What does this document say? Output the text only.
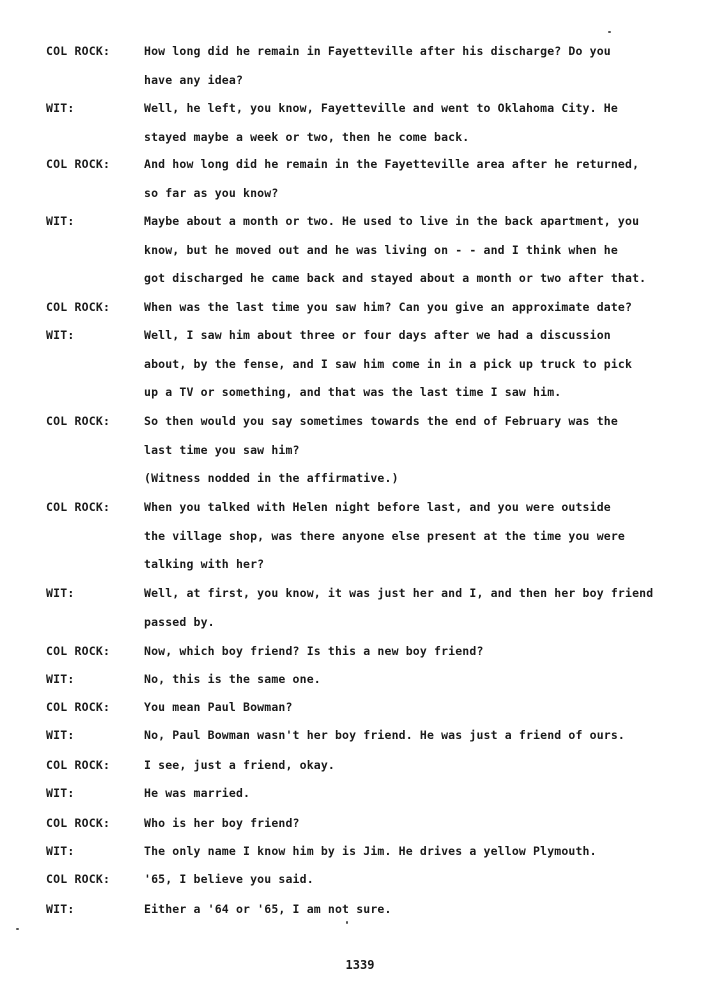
COL ROCK:	How long did he remain in Fayetteville after his discharge? Do you
have any idea?
WIT:	Well, he left, you know, Fayetteville and went to Oklahoma City. He
stayed maybe a week or two, then he come back.
COL ROCK:	And how long did he remain in the Fayetteville area after he returned,
so far as you know?
WIT:	Maybe about a month or two. He used to live in the back apartment, you
know, but he moved out and he was living on - - and I think when he
got discharged he came back and stayed about a month or two after that.
COL ROCK:	When was the last time you saw him? Can you give an approximate date?
WIT:	Well, I saw him about three or four days after we had a discussion
about, by the fense, and I saw him come in in a pick up truck to pick
up a TV or something, and that was the last time I saw him.
COL ROCK:	So then would you say sometimes towards the end of February was the
last time you saw him?
(Witness nodded in the affirmative.)
COL ROCK:	When you talked with Helen night before last, and you were outside
the village shop, was there anyone else present at the time you were
talking with her?
WIT:	Well, at first, you know, it was just her and I, and then her boy friend
passed by.
COL ROCK:	Now, which boy friend? Is this a new boy friend?
WIT:	No, this is the same one.
COL ROCK:	You mean Paul Bowman?
WIT:	No, Paul Bowman wasn't her boy friend. He was just a friend of ours.
COL ROCK:	I see, just a friend, okay.
WIT:	He was married.
COL ROCK:	Who is her boy friend?
WIT:	The only name I know him by is Jim. He drives a yellow Plymouth.
COL ROCK:	'65, I believe you said.
WIT:	Either a '64 or '65, I am not sure.
1339
